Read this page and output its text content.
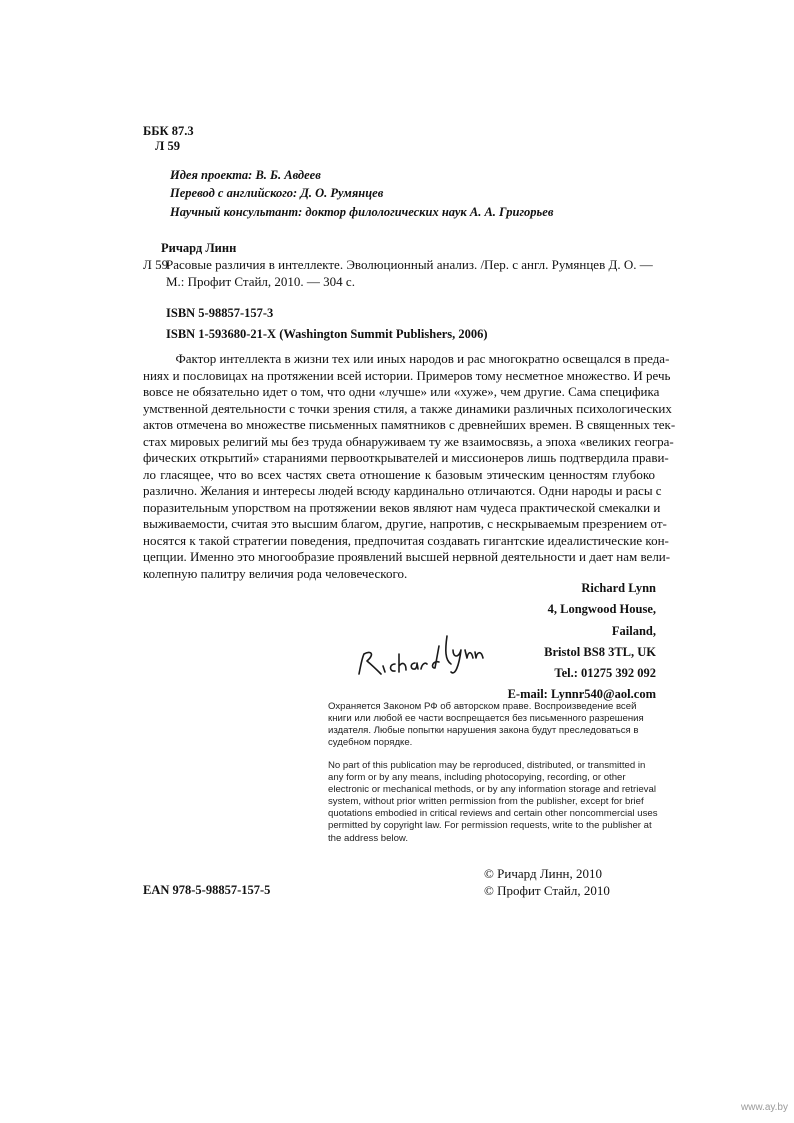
ББК 87.3
Л 59
Идея проекта: В. Б. Авдеев
Перевод с английского: Д. О. Румянцев
Научный консультант: доктор филологических наук А. А. Григорьев
Ричард Линн
Л 59
Расовые различия в интеллекте. Эволюционный анализ. /Пер. с англ. Румянцев Д. О. —
М.: Профит Стайл, 2010. — 304 с.
ISBN 5-98857-157-3
ISBN 1-593680-21-X (Washington Summit Publishers, 2006)
Фактор интеллекта в жизни тех или иных народов и рас многократно освещался в преда-
ниях и пословицах на протяжении всей истории. Примеров тому несметное множество. И речь
вовсе не обязательно идет о том, что одни «лучше» или «хуже», чем другие. Сама специфика
умственной деятельности с точки зрения стиля, а также динамики различных психологических
актов отмечена во множестве письменных памятников с древнейших времен. В священных тек-
стах мировых религий мы без труда обнаруживаем ту же взаимосвязь, а эпоха «великих геогра-
фических открытий» стараниями первооткрывателей и миссионеров лишь подтвердила прави-
ло гласящее, что во всех частях света отношение к базовым этическим ценностям глубоко
различно. Желания и интересы людей всюду кардинально отличаются. Одни народы и расы с
поразительным упорством на протяжении веков являют нам чудеса практической смекалки и
выживаемости, считая это высшим благом, другие, напротив, с нескрываемым презрением от-
носятся к такой стратегии поведения, предпочитая создавать гигантские идеалистические кон-
цепции. Именно это многообразие проявлений высшей нервной деятельности и дает нам вели-
колепную палитру величия рода человеческого.
Richard Lynn
4, Longwood House,
Failand,
Bristol BS8 3TL, UK
Tel.: 01275 392 092
E-mail: Lynnr540@aol.com
Охраняется Законом РФ об авторском праве. Воспроизведение всей книги или любой ее части воспрещается без письменного разрешения издателя. Любые попытки нарушения закона будут преследоваться в судебном порядке.
No part of this publication may be reproduced, distributed, or transmitted in any form or by any means, including photocopying, recording, or other electronic or mechanical methods, or by any information storage and retrieval system, without prior written permission from the publisher, except for brief quotations embodied in critical reviews and certain other noncommercial uses permitted by copyright law. For permission requests, write to the publisher at the address below.
© Ричард Линн, 2010
© Профит Стайл, 2010
EAN 978-5-98857-157-5
www.ay.by
